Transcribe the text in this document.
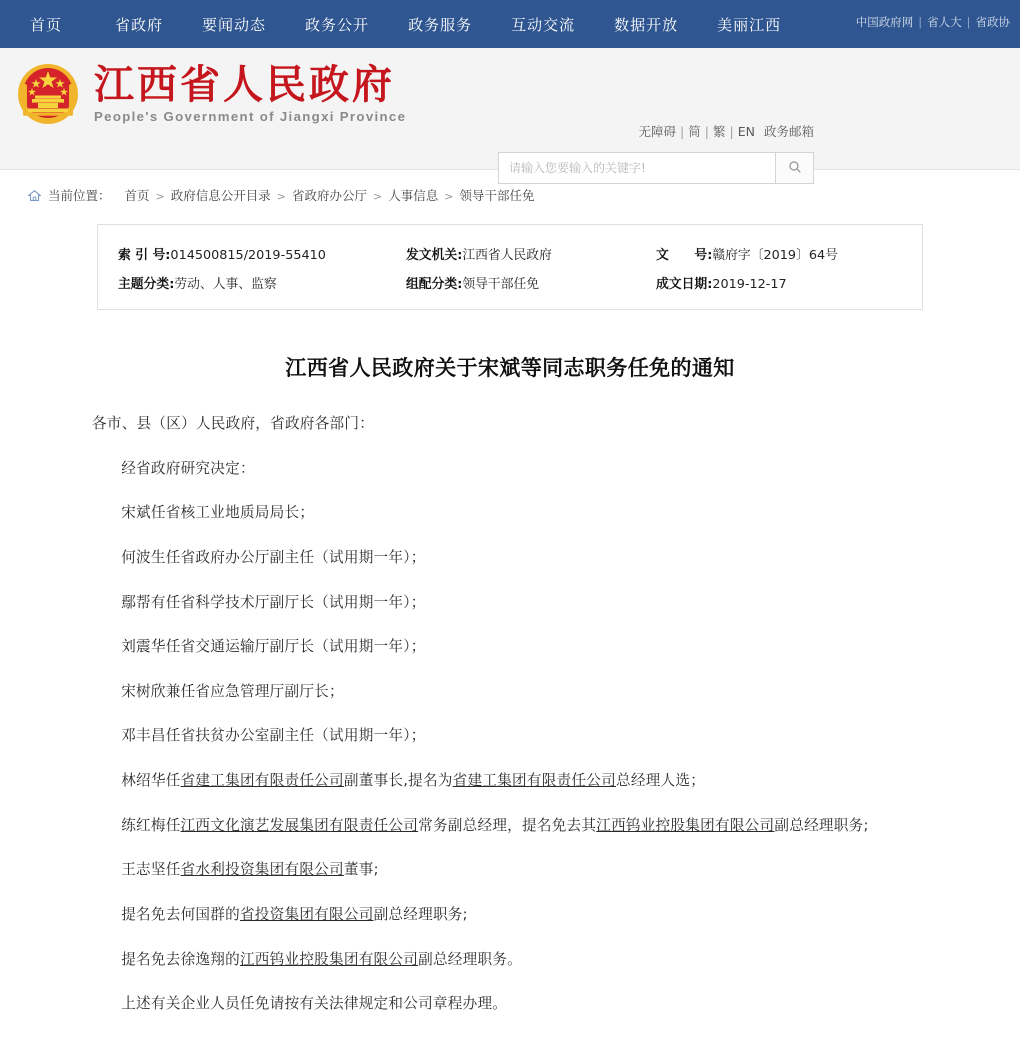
首页	省政府	要闻动态	政务公开	政务服务	互动交流	数据开放	美丽江西	中国政府网 | 省人大 | 省政协
江西省人民政府
People's Government of Jiangxi Province
无障碍 | 简 | 繁 | EN 政务邮箱
请输入您要输入的关键字!
当前位置： 首页 > 政府信息公开目录 > 省政府办公厅 > 人事信息 > 领导干部任免
索 引 号:014500815/2019-55410	发文机关:江西省人民政府	文　　号:赣府字〔2019〕64号
主题分类:劳动、人事、监察	组配分类:领导干部任免	成文日期:2019-12-17
江西省人民政府关于宋斌等同志职务任免的通知

各市、县（区）人民政府，省政府各部门：

经省政府研究决定：

宋斌任省核工业地质局局长；

何波生任省政府办公厅副主任（试用期一年）；

鄢帮有任省科学技术厅副厅长（试用期一年）；

刘震华任省交通运输厅副厅长（试用期一年）；

宋树欣兼任省应急管理厅副厅长；

邓丰昌任省扶贫办公室副主任（试用期一年）；

林绍华任省建工集团有限责任公司副董事长,提名为省建工集团有限责任公司总经理人选；

练红梅任江西文化演艺发展集团有限责任公司常务副总经理，提名免去其江西钨业控股集团有限公司副总经理职务;

王志坚任省水利投资集团有限公司董事;

提名免去何国群的省投资集团有限公司副总经理职务;

提名免去徐逸翔的江西钨业控股集团有限公司副总经理职务。

上述有关企业人员任免请按有关法律规定和公司章程办理。
